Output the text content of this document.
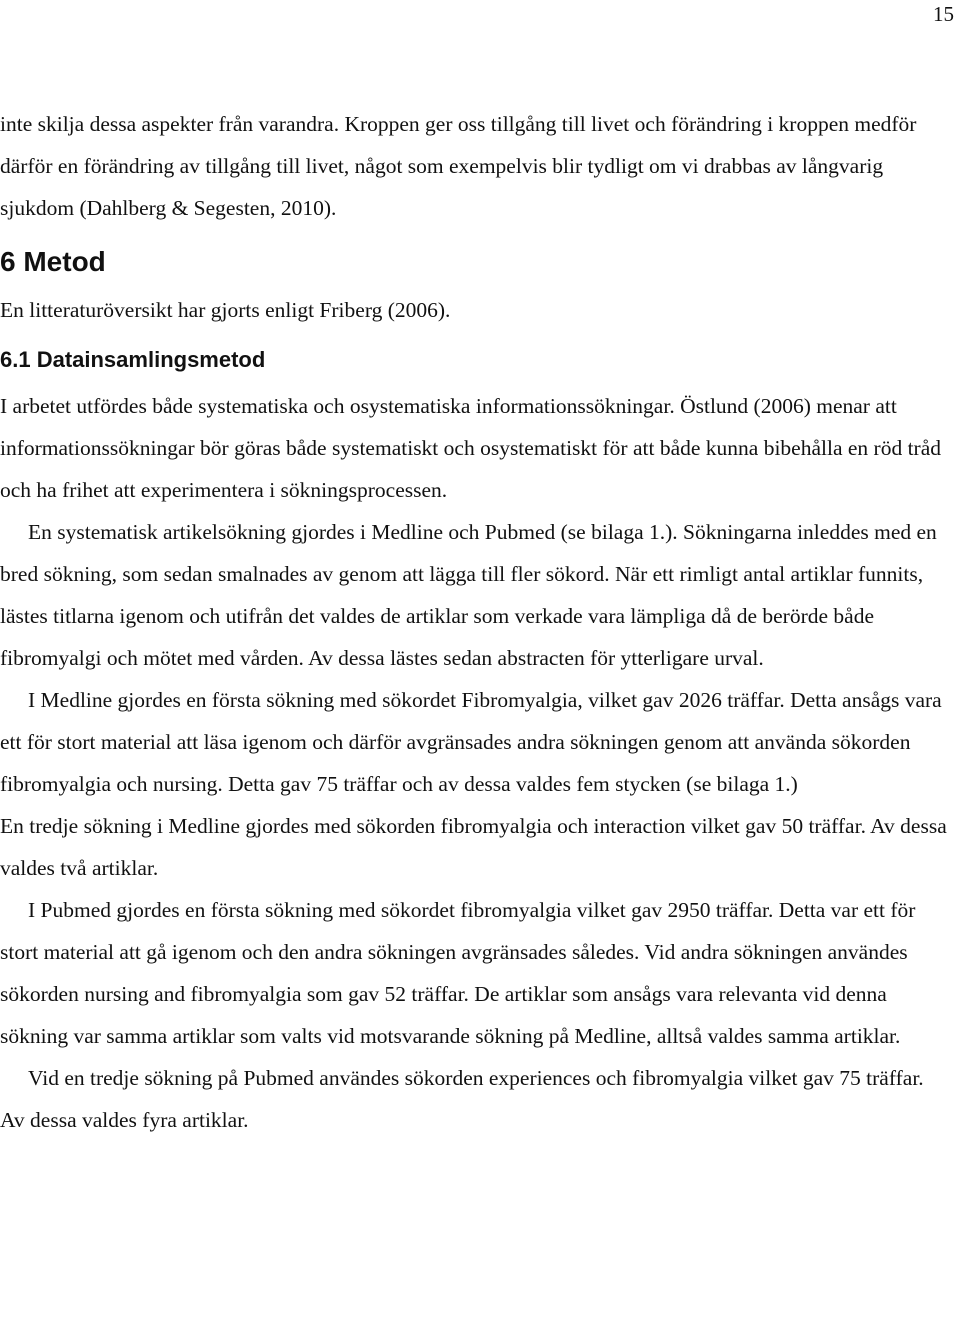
15

inte skilja dessa aspekter från varandra. Kroppen ger oss tillgång till livet och förändring i kroppen medför därför en förändring av tillgång till livet, något som exempelvis blir tydligt om vi drabbas av långvarig sjukdom (Dahlberg & Segesten, 2010).

6 Metod

En litteraturöversikt har gjorts enligt Friberg (2006).

6.1 Datainsamlingsmetod

I arbetet utfördes både systematiska och osystematiska informationssökningar. Östlund (2006) menar att informationssökningar bör göras både systematiskt och osystematiskt för att både kunna bibehålla en röd tråd och ha frihet att experimentera i sökningsprocessen.

En systematisk artikelsökning gjordes i Medline och Pubmed (se bilaga 1.). Sökningarna inleddes med en bred sökning, som sedan smalnades av genom att lägga till fler sökord. När ett rimligt antal artiklar funnits, lästes titlarna igenom och utifrån det valdes de artiklar som verkade vara lämpliga då de berörde både fibromyalgi och mötet med vården. Av dessa lästes sedan abstracten för ytterligare urval.

I Medline gjordes en första sökning med sökordet Fibromyalgia, vilket gav 2026 träffar. Detta ansågs vara ett för stort material att läsa igenom och därför avgränsades andra sökningen genom att använda sökorden fibromyalgia och nursing. Detta gav 75 träffar och av dessa valdes fem stycken (se bilaga 1.)

En tredje sökning i Medline gjordes med sökorden fibromyalgia och interaction vilket gav 50 träffar. Av dessa valdes två artiklar.

I Pubmed gjordes en första sökning med sökordet fibromyalgia vilket gav 2950 träffar. Detta var ett för stort material att gå igenom och den andra sökningen avgränsades således. Vid andra sökningen användes sökorden nursing and fibromyalgia som gav 52 träffar. De artiklar som ansågs vara relevanta vid denna sökning var samma artiklar som valts vid motsvarande sökning på Medline, alltså valdes samma artiklar.

Vid en tredje sökning på Pubmed användes sökorden experiences och fibromyalgia vilket gav 75 träffar. Av dessa valdes fyra artiklar.
